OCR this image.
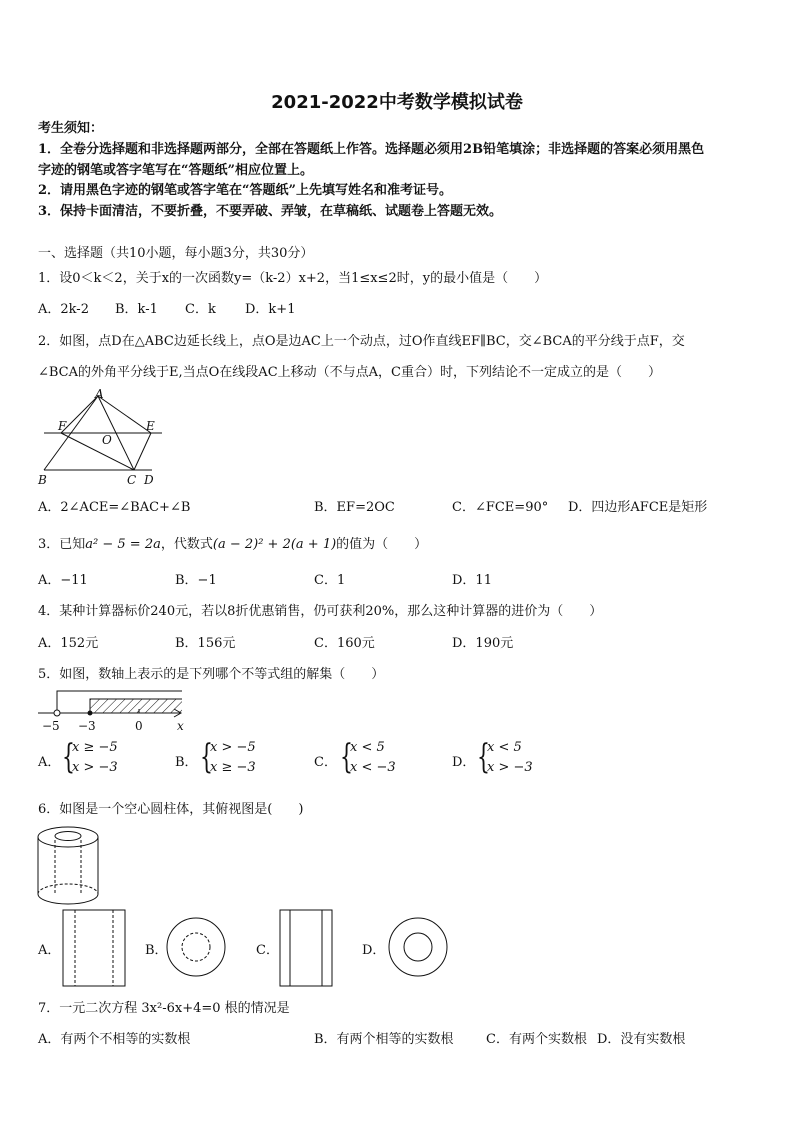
2021-2022中考数学模拟试卷
考生须知：
1．全卷分选择题和非选择题两部分，全部在答题纸上作答。选择题必须用2B铅笔填涂；非选择题的答案必须用黑色
字迹的钢笔或答字笔写在“答题纸”相应位置上。
2．请用黑色字迹的钢笔或答字笔在“答题纸”上先填写姓名和准考证号。
3．保持卡面清洁，不要折叠，不要弄破、弄皱，在草稿纸、试题卷上答题无效。
一、选择题（共10小题，每小题3分，共30分）
1．设0＜k＜2，关于x的一次函数y=（k-2）x+2，当1≤x≤2时，y的最小值是（　　）
A．2k-2 B．k-1 C．k D．k+1
2．如图，点D在△ABC边延长线上，点O是边AC上一个动点，过O作直线EF∥BC，交∠BCA的平分线于点F，交
∠BCA的外角平分线于E,当点O在线段AC上移动（不与点A，C重合）时，下列结论不一定成立的是（　　）
A
F	E
O
B	C D
A．2∠ACE=∠BAC+∠B	B．EF=2OC	C．∠FCE=90° D．四边形AFCE是矩形
3．已知a² − 5 = 2a，代数式(a − 2)² + 2(a + 1)的值为（　　）
A．−11	B．−1	C．1	D．11
4．某种计算器标价240元，若以8折优惠销售，仍可获利20%，那么这种计算器的进价为（　　）
A．152元	B．156元	C．160元	D．190元
5．如图，数轴上表示的是下列哪个不等式组的解集（　　）
−5 −3	0	x
A． {
x ≥ −5
x > −3	B． {
x > −5
x ≥ −3	C． {
x < 5
x < −3	D． {
x < 5
x > −3
6．如图是一个空心圆柱体，其俯视图是(　　)
A．	B．	C．	D．
7．一元二次方程 3x²-6x+4=0 根的情况是
A．有两个不相等的实数根	B．有两个相等的实数根 C．有两个实数根 D．没有实数根
